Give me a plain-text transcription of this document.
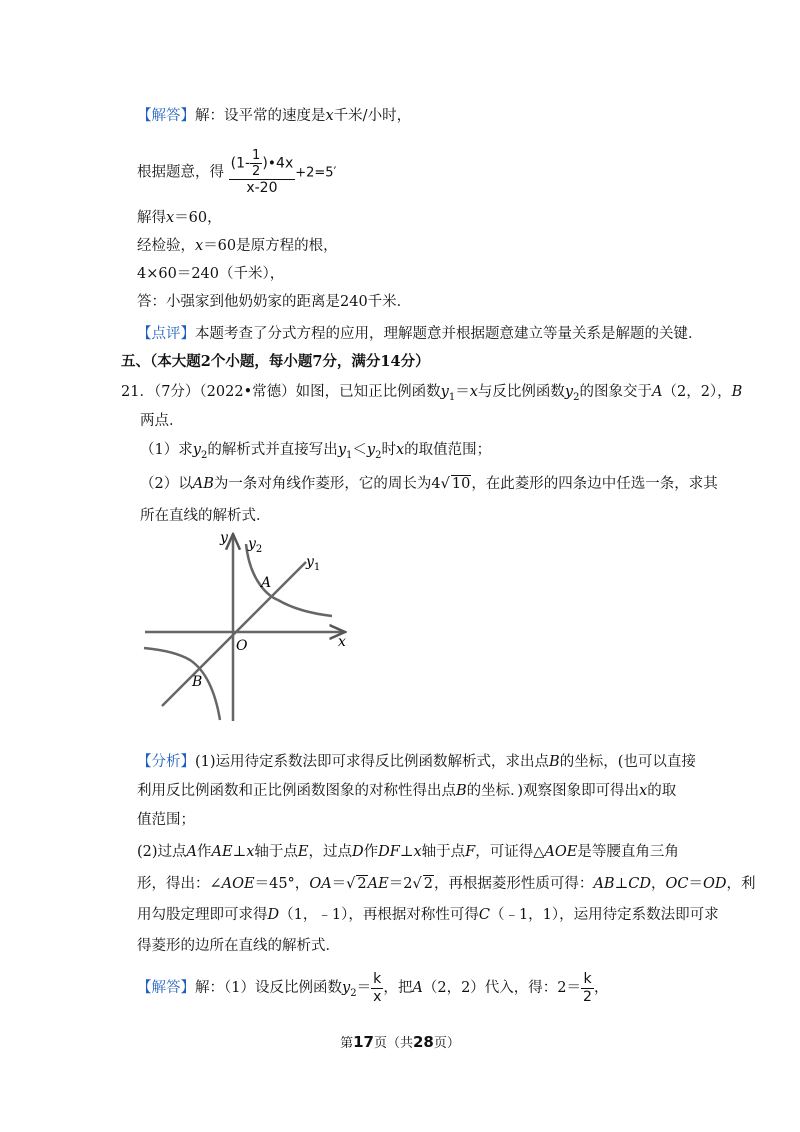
【解答】解：设平常的速度是x千米/小时，
根据题意，得 $\frac{(1- \frac{1}{2} )•4x}{x-20} +2=5'$
解得x＝60，
经检验，x＝60是原方程的根，
4×60＝240（千米），
答：小强家到他奶奶家的距离是240千米．
【点评】本题考查了分式方程的应用，理解题意并根据题意建立等量关系是解题的关键．
五、（本大题2个小题，每小题7分，满分14分）
21．（7分）（2022•常德）如图，已知正比例函数$y_1=x$与反比例函数$y_2$的图象交于A（2，2），B
两点．
（1）求$y_2$的解析式并直接写出$y_1<y_2$时x的取值范围；
（2）以AB为一条对角线作菱形，它的周长为4√ 10，在此菱形的四条边中任选一条，求其
所在直线的解析式．
y $y_2$
$y_1$
A
O	x
B
【分析】(1)运用待定系数法即可求得反比例函数解析式，求出点B的坐标，(也可以直接
利用反比例函数和正比例函数图象的对称性得出点B的坐标．)观察图象即可得出x的取
值范围；
(2)过点A作AE⊥x轴于点E，过点D作DF⊥x轴于点F，可证得△AOE是等腰直角三角
形，得出：∠AOE＝45°，OA＝√ 2AE＝2√ 2，再根据菱形性质可得：AB⊥CD，OC＝OD，利
用勾股定理即可求得D（1，﹣1），再根据对称性可得C（﹣1，1），运用待定系数法即可求
得菱形的边所在直线的解析式．
【解答】解：（1）设反比例函数$y_2= \frac{k}{x}$ ，把A（2，2）代入，得：$2= \frac{k}{2}$ ，
第17页（共28页）
